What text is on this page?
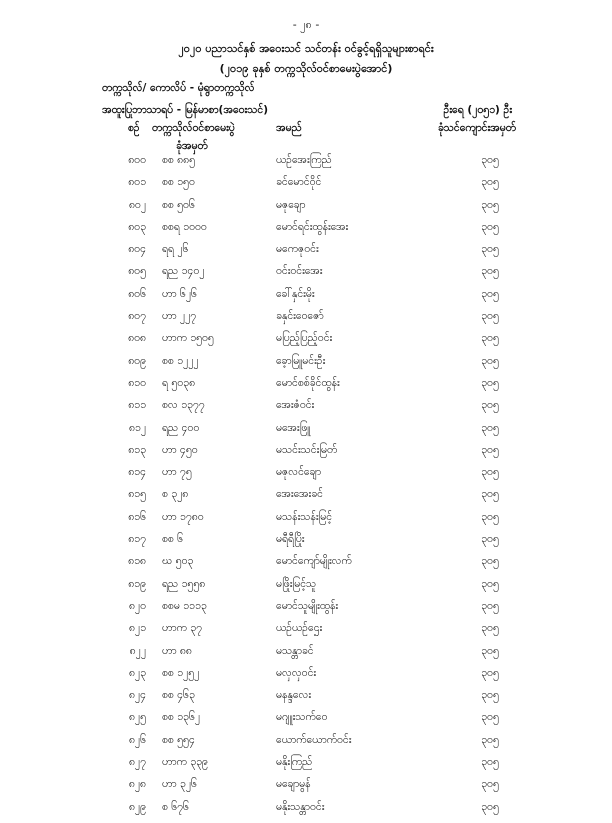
- ၂၈ -
၂၀၂၀ ပညာသင်နှစ် အဝေးသင် သင်တန်း ဝင်ခွင့်ရရှိသူများစာရင်း
(၂၀၁၉ ခုနှစ် တက္ကသိုလ်ဝင်စာမေးပွဲအောင်)
တက္ကသိုလ်/ ကောလိပ် - မုံရွာတက္ကသိုလ်
အထူးပြုဘာသာရပ် - မြန်မာစာ(အဝေးသင်)	ဦးရေ (၂၀၅၁) ဦး
စဉ် တက္ကသိုလ်ဝင်စာမေးပွဲ
ခုံအမှတ်
အမည်	ခုံသင်ကျောင်းအမှတ်
၈၀၀ စစ ၈၈၅	ယဉ်အေးကြည်	၃၀၅
၈၀၁ စစ ၁၅၀	ခင်မောင်ဝိုင်	၃၀၅
၈၀၂ စစ ၅၀၆	မဇုချော	၃၀၅
၈၀၃ စစရ ၁၀၀၀	မောင်ရင်းထွန်းအေး	၃၀၅
၈၀၄ ရရ ၂၆	မကေဇုဝင်း	၃၀၅
၈၀၅ ရည ၁၄၀၂	ဝင်းဝင်းအေး	၃၀၅
၈၀၆ ဟာ ၆၂၆	ခေါ်နှင်းမိုး	၃၀၅
၈၀၇ ဟာ ၂၂၇	ခနှင်းဝေဇော်	၃၀၅
၈၀၈ ဟာက ၁၅၀၅	မပြည့်ပြည့်ဝင်း	၃၀၅
၈၀၉ စစ ၁၂၂၂	ခေ့ာမြူမင်းဦး	၃၀၅
၈၁၀ ရ ၅၀၃၈	မောင်စစ်ခိုင်ထွန်း	၃၀၅
၈၁၁ စလ ၁၃၇၇	အေးဇံဝင်း	၃၀၅
၈၁၂ ရည ၄၀၀	မအေးဖြူ	၃၀၅
၈၁၃ ဟာ ၄၅၀	မသင်းသင်းမြတ်	၃၀၅
၈၁၄ ဟာ ၇၅	မဇုလင်ချော	၃၀၅
၈၁၅ စ ၃၂၈	အေးအေးခင်	၃၀၅
၈၁၆ ဟာ ၁၇၈၀	မသန်းသန်းမြင့်	၃၀၅
၈၁၇ စစ ၆	မရီရီပြိုး	၃၀၅
၈၁၈ ဃ ၅၀၃	မောင်ကျော်မျိုးလက်	၃၀၅
၈၁၉ ရည ၁၅၅၈	မဖြိုးမြင့်သူ	၃၀၅
၈၂၀ စစမ ၁၁၁၃	မောင်သူမျိုးထွန်း	၃၀၅
၈၂၁ ဟာက ၃၇	ယဉ်ယဉ်ဌေး	၃၀၅
၈၂၂ ဟာ ၈၈	မသန္တာခင်	၃၀၅
၈၂၃ စစ ၁၂၅၂	မလှလှဝင်း	၃၀၅
၈၂၄ စစ ၄၆၃	မနန္ဒလေး	၃၀၅
၈၂၅ စစ ၁၃၆၂	မဂျူးသက်ဝေ	၃၀၅
၈၂၆ စစ ၅၅၄	ယောက်ယောက်ဝင်း	၃၀၅
၈၂၇ ဟာက ၃၃၉	မနိုးကြည်	၃၀၅
၈၂၈ ဟာ ၃၂၆	မချောမွန်	၃၀၅
၈၂၉ စ ၆၇၆	မနိုးသန္တာဝင်း	၃၀၅
